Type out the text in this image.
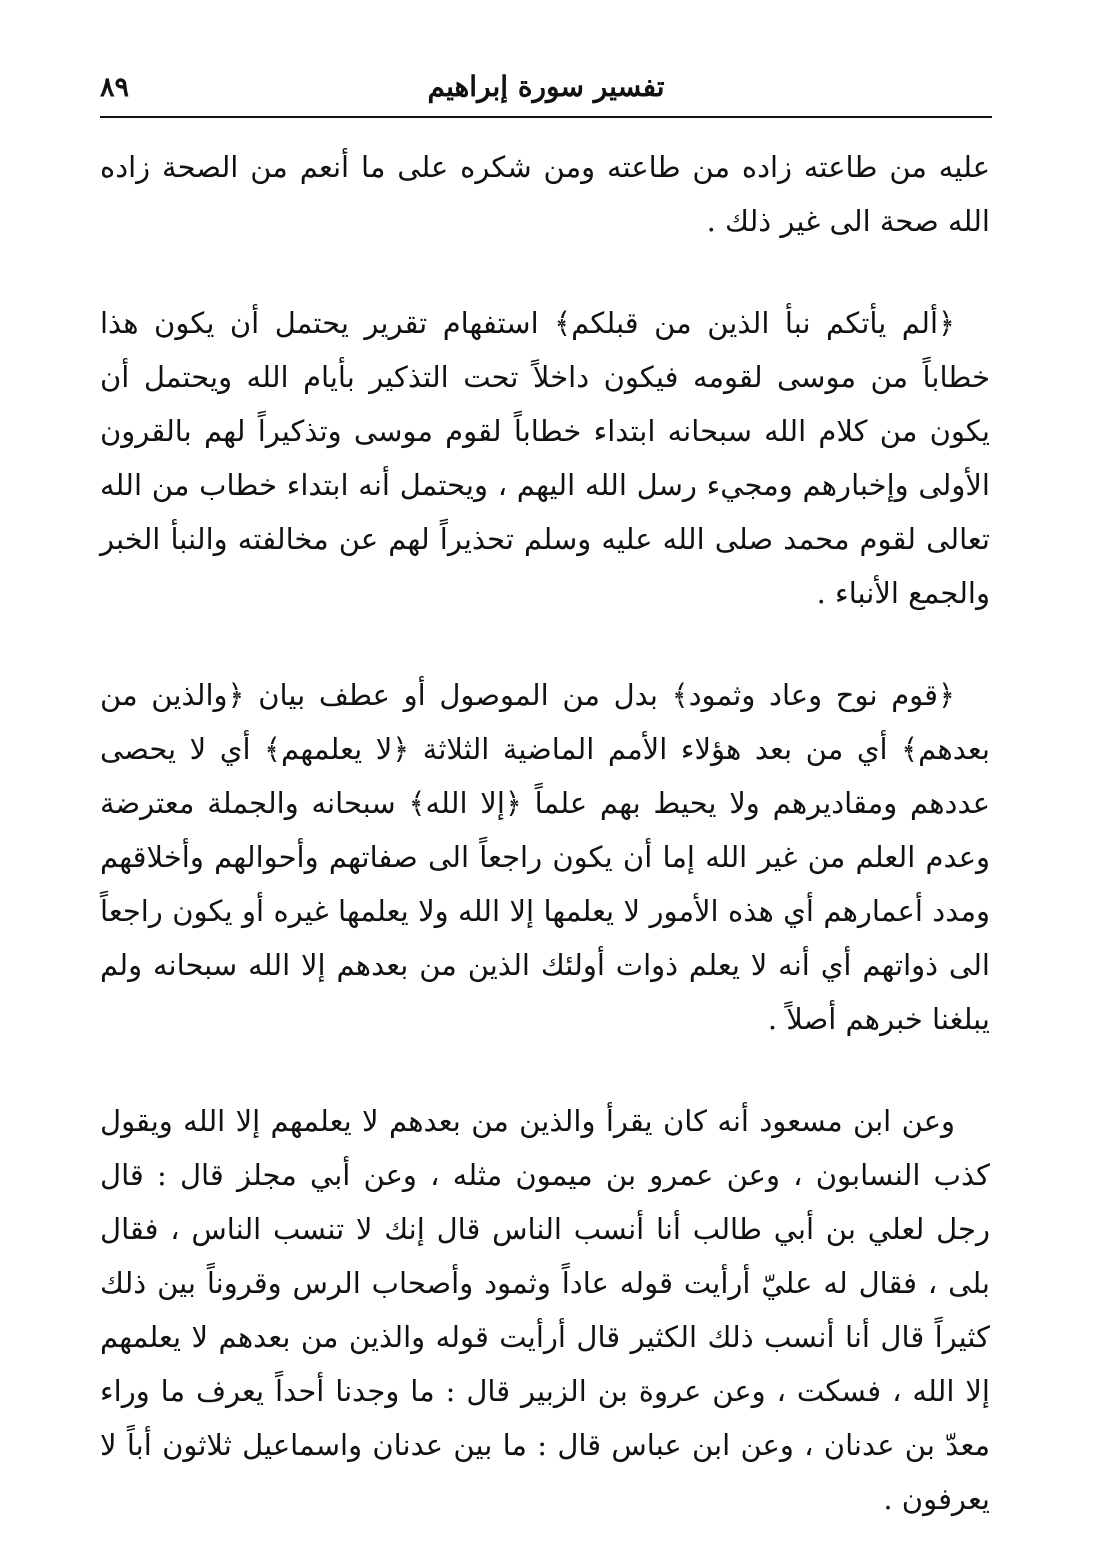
٨٩	تفسير سورة إبراهيم

عليه من طاعته زاده من طاعته ومن شكره على ما أنعم من الصحة زاده الله صحة الى غير ذلك .

﴿ألم يأتكم نبأ الذين من قبلكم﴾ استفهام تقرير يحتمل أن يكون هذا خطاباً من موسى لقومه فيكون داخلاً تحت التذكير بأيام الله ويحتمل أن يكون من كلام الله سبحانه ابتداء خطاباً لقوم موسى وتذكيراً لهم بالقرون الأولى وإخبارهم ومجيء رسل الله اليهم ، ويحتمل أنه ابتداء خطاب من الله تعالى لقوم محمد صلى الله عليه وسلم تحذيراً لهم عن مخالفته والنبأ الخبر والجمع الأنباء .

﴿قوم نوح وعاد وثمود﴾ بدل من الموصول أو عطف بيان ﴿والذين من بعدهم﴾ أي من بعد هؤلاء الأمم الماضية الثلاثة ﴿لا يعلمهم﴾ أي لا يحصى عددهم ومقاديرهم ولا يحيط بهم علماً ﴿إلا الله﴾ سبحانه والجملة معترضة وعدم العلم من غير الله إما أن يكون راجعاً الى صفاتهم وأحوالهم وأخلاقهم ومدد أعمارهم أي هذه الأمور لا يعلمها إلا الله ولا يعلمها غيره أو يكون راجعاً الى ذواتهم أي أنه لا يعلم ذوات أولئك الذين من بعدهم إلا الله سبحانه ولم يبلغنا خبرهم أصلاً .

وعن ابن مسعود أنه كان يقرأ والذين من بعدهم لا يعلمهم إلا الله ويقول كذب النسابون ، وعن عمرو بن ميمون مثله ، وعن أبي مجلز قال : قال رجل لعلي بن أبي طالب أنا أنسب الناس قال إنك لا تنسب الناس ، فقال بلى ، فقال له عليّ أرأيت قوله عاداً وثمود وأصحاب الرس وقروناً بين ذلك كثيراً قال أنا أنسب ذلك الكثير قال أرأيت قوله والذين من بعدهم لا يعلمهم إلا الله ، فسكت ، وعن عروة بن الزبير قال : ما وجدنا أحداً يعرف ما وراء معدّ بن عدنان ، وعن ابن عباس قال : ما بين عدنان واسماعيل ثلاثون أباً لا يعرفون .
